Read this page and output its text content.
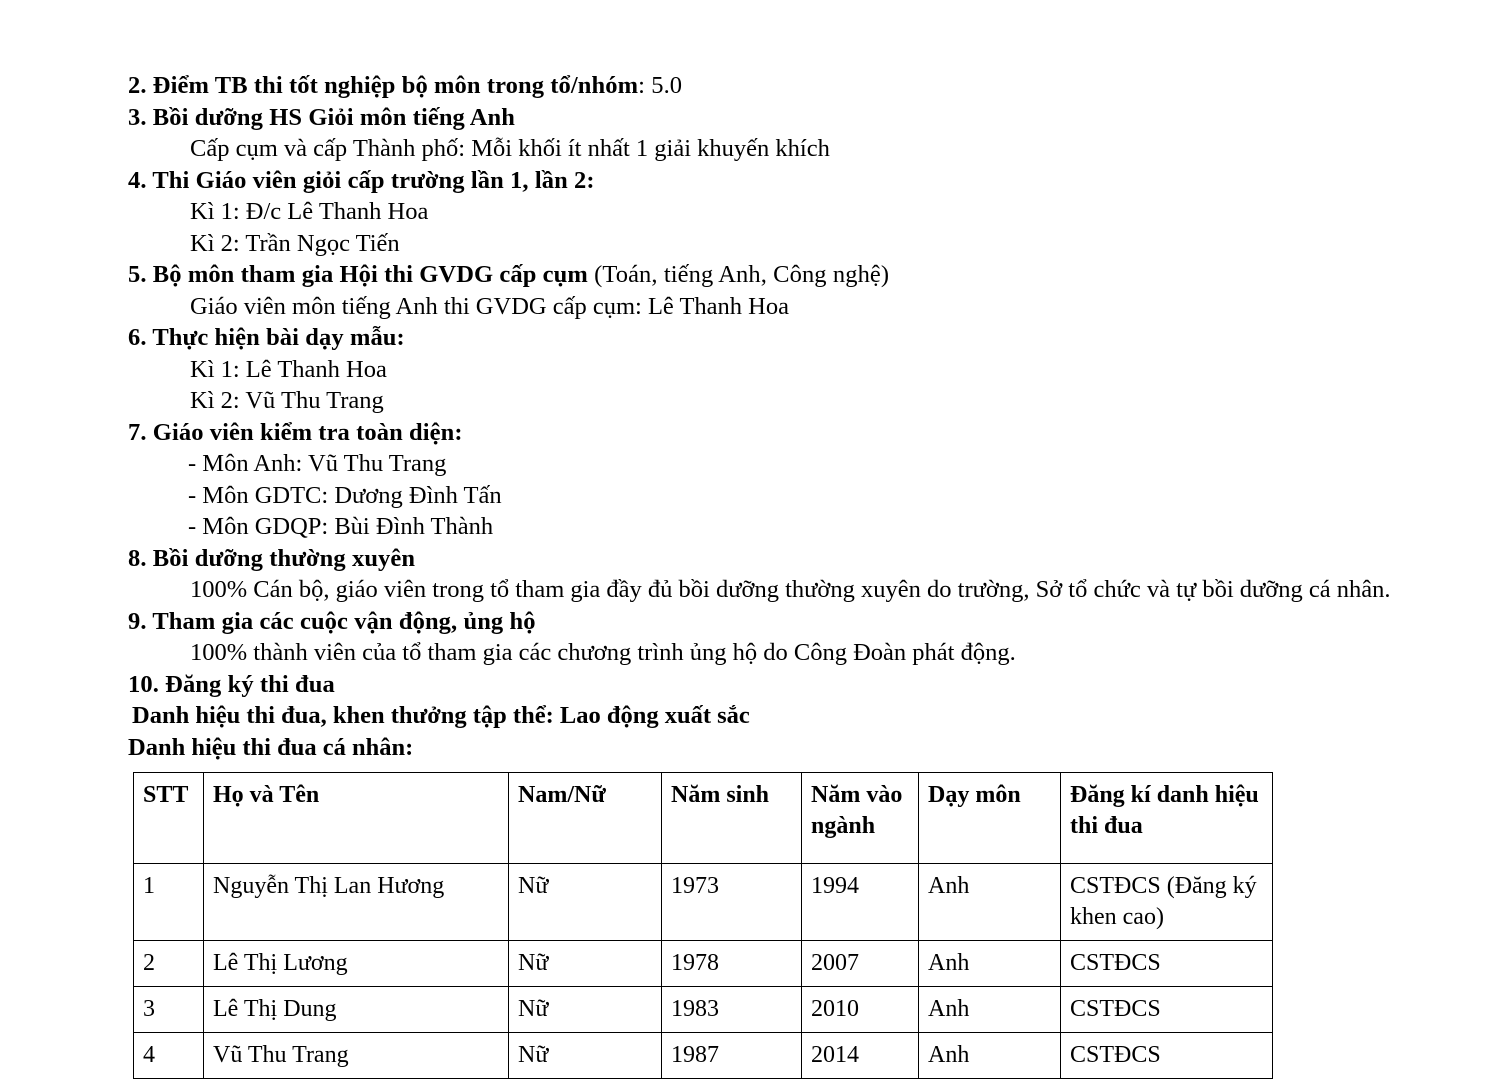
2. Điểm TB thi tốt nghiệp bộ môn trong tổ/nhóm: 5.0
3. Bồi dưỡng HS Giỏi môn tiếng Anh
Cấp cụm và cấp Thành phố: Mỗi khối ít nhất 1 giải khuyến khích
4. Thi Giáo viên giỏi cấp trường lần 1, lần 2:
Kì 1: Đ/c Lê Thanh Hoa
Kì 2: Trần Ngọc Tiến
5. Bộ môn tham gia Hội thi GVDG cấp cụm (Toán, tiếng Anh, Công nghệ)
Giáo viên môn tiếng Anh thi GVDG cấp cụm: Lê Thanh Hoa
6. Thực hiện bài dạy mẫu:
Kì 1: Lê Thanh Hoa
Kì 2: Vũ Thu Trang
7. Giáo viên kiểm tra toàn diện:
- Môn Anh: Vũ Thu Trang
- Môn GDTC: Dương Đình Tấn
- Môn GDQP: Bùi Đình Thành
8. Bồi dưỡng thường xuyên
100% Cán bộ, giáo viên trong tổ tham gia đầy đủ bồi dưỡng thường xuyên do trường, Sở tổ chức và tự bồi dưỡng cá nhân.
9. Tham gia các cuộc vận động, ủng hộ
100% thành viên của tổ tham gia các chương trình ủng hộ do Công Đoàn phát động.
10. Đăng ký thi đua
Danh hiệu thi đua, khen thưởng tập thể: Lao động xuất sắc
Danh hiệu thi đua cá nhân:
STT	Họ và Tên	Nam/Nữ	Năm sinh	Năm vào ngành	Dạy môn	Đăng kí danh hiệu thi đua
1	Nguyễn Thị Lan Hương	Nữ	1973	1994	Anh	CSTĐCS (Đăng ký khen cao)
2	Lê Thị Lương	Nữ	1978	2007	Anh	CSTĐCS
3	Lê Thị Dung	Nữ	1983	2010	Anh	CSTĐCS
4	Vũ Thu Trang	Nữ	1987	2014	Anh	CSTĐCS
